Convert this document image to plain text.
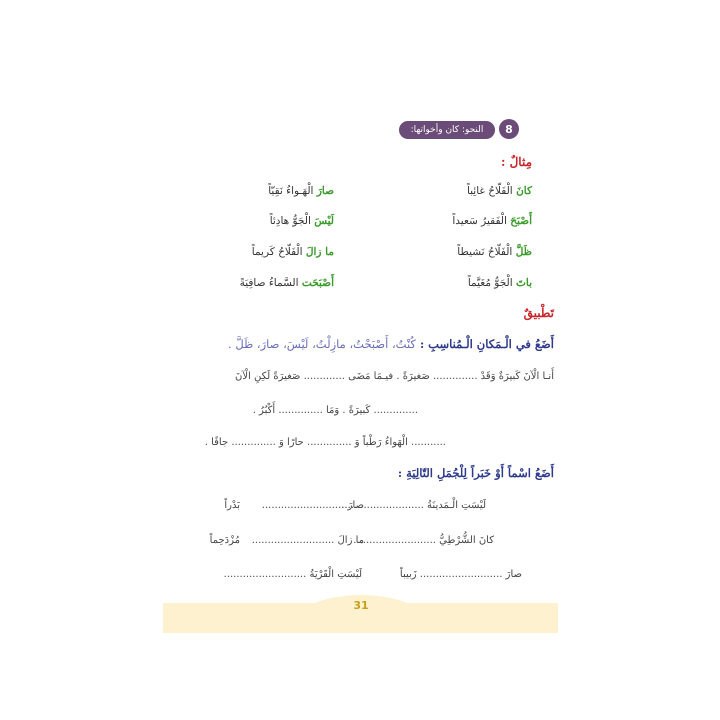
8
النحو: كان وأخواتها:
مِثالٌ :
كانَ الْفَلّاحُ غائِباً
صارَ الْهَـواءُ نَقِيّاً
أَصْبَحَ الْفَقيرُ سَعيداً
لَيْسَ الْجَوُّ هادِئاً
ظَلَّ الْفَلّاحُ نَشيطاً
ما زالَ الْفَلّاحُ كَريماً
باتَ الْجَوُّ مُغَيَّماً
أَصْبَحَت السَّماءُ صافِيَةً
تَطْبيقٌ
أَضَعُ في الْـمَكانِ الْـمُناسِبِ : كُنْتُ، أَصْبَحْتُ، مازِلْتُ، لَيْسَ، صارَ، ظَلَّ .
أَنـا الْآنَ كَبيرَةٌ وَقَدْ .............. صَغيرَةً . فيـمَا مَضَى ............. صَغيرَةً لَكِنِ الْآنَ
.............. كَبيرَةً . وَمَا .............. أَكْبُرُ .
........... الْهَواءُ رَطْباً وَ .............. حارًا وَ .............. جافًا .
أَضَعُ اسْماً أَوْ خَبَراً لِلْجُمَلِ التّالِيَةِ :
لَيْسَتِ الْـمَدينَةُ ..........................
صارَ ..........................
بَدْراً
كانَ الشُّرْطِيُّ ..........................
ما زالَ ..........................
مُزْدَحِماً
صارَ .......................... زَبيباً
لَيْسَتِ الْقَرْيَةُ ..........................
31
